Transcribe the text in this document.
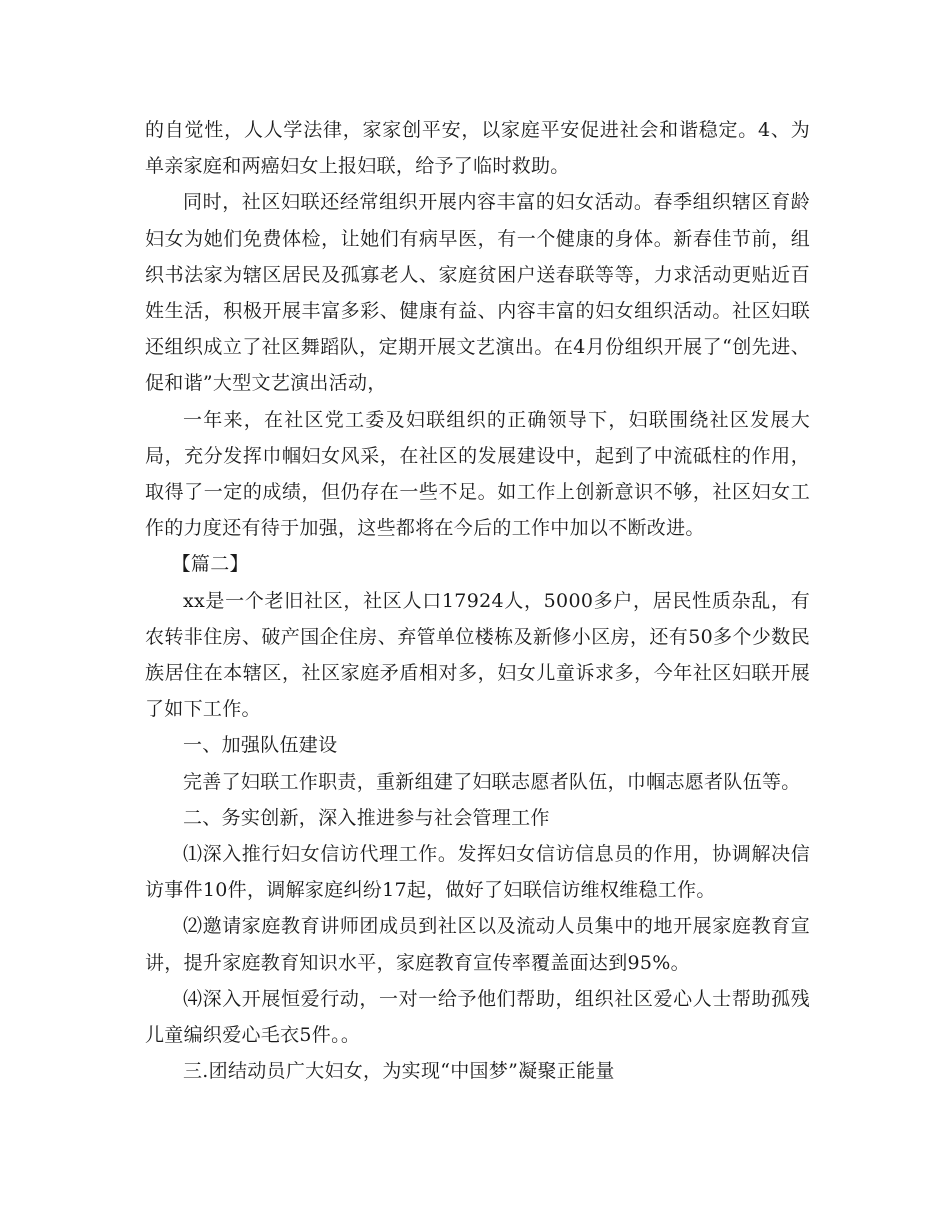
的自觉性，人人学法律，家家创平安，以家庭平安促进社会和谐稳定。4、为单亲家庭和两癌妇女上报妇联，给予了临时救助。

同时，社区妇联还经常组织开展内容丰富的妇女活动。春季组织辖区育龄妇女为她们免费体检，让她们有病早医，有一个健康的身体。新春佳节前，组织书法家为辖区居民及孤寡老人、家庭贫困户送春联等等，力求活动更贴近百姓生活，积极开展丰富多彩、健康有益、内容丰富的妇女组织活动。社区妇联还组织成立了社区舞蹈队，定期开展文艺演出。在4月份组织开展了“创先进、促和谐”大型文艺演出活动，

一年来，在社区党工委及妇联组织的正确领导下，妇联围绕社区发展大局，充分发挥巾帼妇女风采，在社区的发展建设中，起到了中流砥柱的作用，取得了一定的成绩，但仍存在一些不足。如工作上创新意识不够，社区妇女工作的力度还有待于加强，这些都将在今后的工作中加以不断改进。

【篇二】

xx是一个老旧社区，社区人口17924人，5000多户，居民性质杂乱，有农转非住房、破产国企住房、弃管单位楼栋及新修小区房，还有50多个少数民族居住在本辖区，社区家庭矛盾相对多，妇女儿童诉求多，今年社区妇联开展了如下工作。

一、加强队伍建设

完善了妇联工作职责，重新组建了妇联志愿者队伍，巾帼志愿者队伍等。

二、务实创新，深入推进参与社会管理工作

⑴深入推行妇女信访代理工作。发挥妇女信访信息员的作用，协调解决信访事件10件，调解家庭纠纷17起，做好了妇联信访维权维稳工作。

⑵邀请家庭教育讲师团成员到社区以及流动人员集中的地开展家庭教育宣讲，提升家庭教育知识水平，家庭教育宣传率覆盖面达到95%。

⑷深入开展恒爱行动，一对一给予他们帮助，组织社区爱心人士帮助孤残儿童编织爱心毛衣5件。。

三.团结动员广大妇女，为实现“中国梦”凝聚正能量
